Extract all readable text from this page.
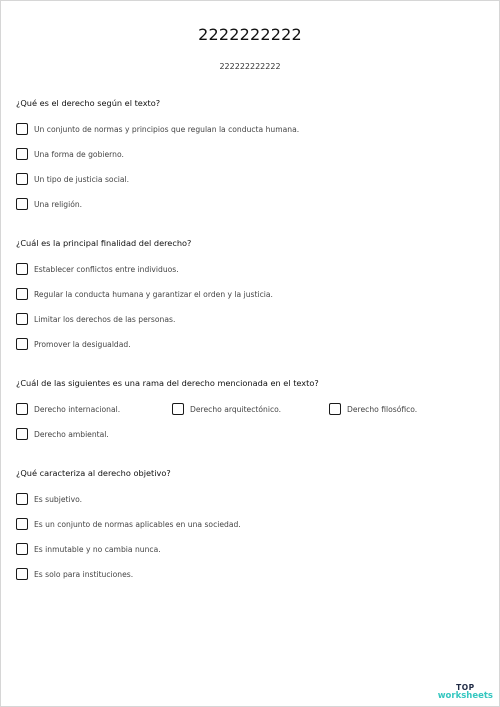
2222222222
222222222222
¿Qué es el derecho según el texto?
Un conjunto de normas y principios que regulan la conducta humana.
Una forma de gobierno.
Un tipo de justicia social.
Una religión.
¿Cuál es la principal finalidad del derecho?
Establecer conflictos entre individuos.
Regular la conducta humana y garantizar el orden y la justicia.
Limitar los derechos de las personas.
Promover la desigualdad.
¿Cuál de las siguientes es una rama del derecho mencionada en el texto?
Derecho internacional.	Derecho arquitectónico.	Derecho filosófico.
Derecho ambiental.
¿Qué caracteriza al derecho objetivo?
Es subjetivo.
Es un conjunto de normas aplicables en una sociedad.
Es inmutable y no cambia nunca.
Es solo para instituciones.
TOP
worksheets
